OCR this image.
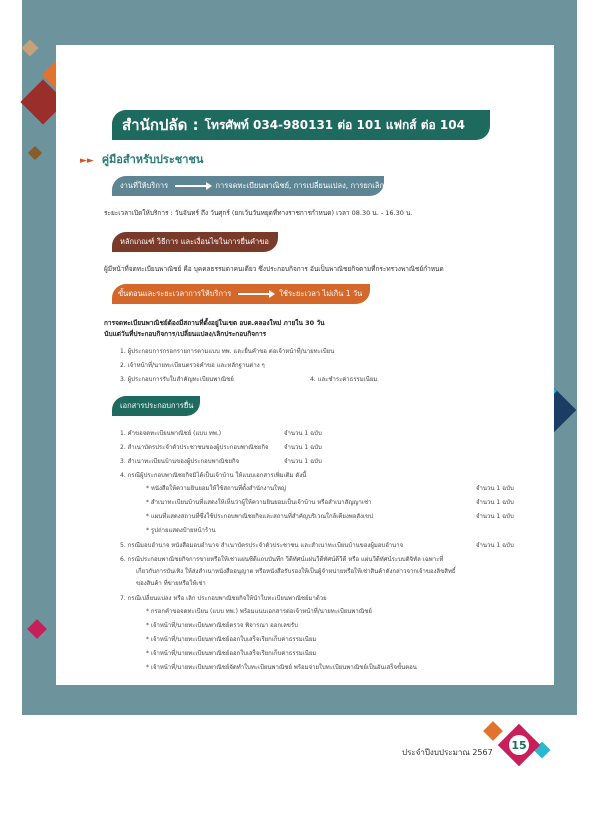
สำนักปลัด : โทรศัพท์ 034-980131 ต่อ 101 แฟกส์ ต่อ 104
►► คู่มือสำหรับประชาชน
งานที่ให้บริการ	การจดทะเบียนพาณิชย์, การเปลี่ยนแปลง, การยกเลิก
ระยะเวลาเปิดให้บริการ : วันจันทร์ ถึง วันศุกร์ (ยกเว้นวันหยุดที่ทางราชการกำหนด) เวลา 08.30 น. - 16.30 น.
หลักเกณฑ์ วิธีการ และเงื่อนไขในการยื่นคำขอ
ผู้มีหน้าที่จดทะเบียนพาณิชย์ คือ บุคคลธรรมดาคนเดียว ซึ่งประกอบกิจการ อันเป็นพาณิชยกิจตามที่กระทรวงพาณิชย์กำหนด
ขั้นตอนและระยะเวลาการให้บริการ	ใช้ระยะเวลา ไม่เกิน 1 วัน
การจดทะเบียนพาณิชย์ต้องมีสถานที่ตั้งอยู่ในเขต อบต.คลองใหม่ ภายใน 30 วัน
นับแต่วันที่ประกอบกิจการ/เปลี่ยนแปลง/เลิกประกอบกิจการ
1. ผู้ประกอบการกรอกรายการตามแบบ ทพ. และยื่นคำขอ ต่อเจ้าหน้าที่/นายทะเบียน
2. เจ้าหน้าที่/นายทะเบียนตรวจคำขอ และหลักฐานต่าง ๆ
3. ผู้ประกอบการรับใบสำคัญทะเบียนพาณิชย์	4. และชำระค่าธรรมเนียม
เอกสารประกอบการยื่น
1. คำขอจดทะเบียนพาณิชย์ (แบบ ทพ.)	จำนวน 1 ฉบับ
2. สำเนาบัตรประจำตัวประชาชนของผู้ประกอบพาณิชยกิจ	จำนวน 1 ฉบับ
3. สำเนาทะเบียนบ้านของผู้ประกอบพาณิชยกิจ	จำนวน 1 ฉบับ
4. กรณีผู้ประกอบพาณิชยกิจมิได้เป็นเจ้าบ้าน ให้แนบเอกสารเพิ่มเติม ดังนี้
* หนังสือให้ความยินยอมให้ใช้สถานที่ตั้งสำนักงานใหญ่	จำนวน 1 ฉบับ
* สำเนาทะเบียนบ้านที่แสดงให้เห็นว่าผู้ให้ความยินยอมเป็นเจ้าบ้าน หรือสำเนาสัญญาเช่า	จำนวน 1 ฉบับ
* แผนที่แสดงสถานที่ซึ่งใช้ประกอบพาณิชยกิจและสถานที่สำคัญบริเวณใกล้เคียงพอสังเขป	จำนวน 1 ฉบับ
* รูปถ่ายแสดงป้ายหน้าร้าน
5. กรณีมอบอำนาจ หนังสือมอบอำนาจ สำเนาบัตรประจำตัวประชาชน และสำเนาทะเบียนบ้านของผู้มอบอำนาจ	จำนวน 1 ฉบับ
6. กรณีประกอบพาณิชยกิจการขายหรือให้เช่าแผ่นซีดีแถบบันทึก วีดีทัศน์แผ่นวีดีทัศน์ดีวีดี หรือ แผ่นวีดีทัศน์ระบบดิจิทัล เฉพาะที่
เกี่ยวกับการบันเทิง ให้ส่งสำเนาหนังสืออนุญาต หรือหนังสือรับรองให้เป็นผู้จำหน่ายหรือให้เช่าสินค้าดังกล่าวจากเจ้าของลิขสิทธิ์
ของสินค้า ที่ขายหรือให้เช่า
7. กรณีเปลี่ยนแปลง หรือ เลิก ประกอบพาณิชยกิจให้นำใบทะเบียนพาณิชย์มาด้วย
* กรอกคำขอจดทะเบียน (แบบ ทพ.) พร้อมแนบเอกสารต่อเจ้าหน้าที่/นายทะเบียนพาณิชย์
* เจ้าหน้าที่/นายทะเบียนพาณิชย์ตรวจ พิจารณา ออกเลขรับ
* เจ้าหน้าที่/นายทะเบียนพาณิชย์ออกใบเสร็จเรียกเก็บค่าธรรมเนียม
* เจ้าหน้าที่/นายทะเบียนพาณิชย์ออกใบเสร็จเรียกเก็บค่าธรรมเนียม
* เจ้าหน้าที่/นายทะเบียนพาณิชย์จัดทำใบทะเบียนพาณิชย์ พร้อมจ่ายใบทะเบียนพาณิชย์เป็นอันเสร็จขั้นตอน
ประจำปีงบประมาณ 2567
15
